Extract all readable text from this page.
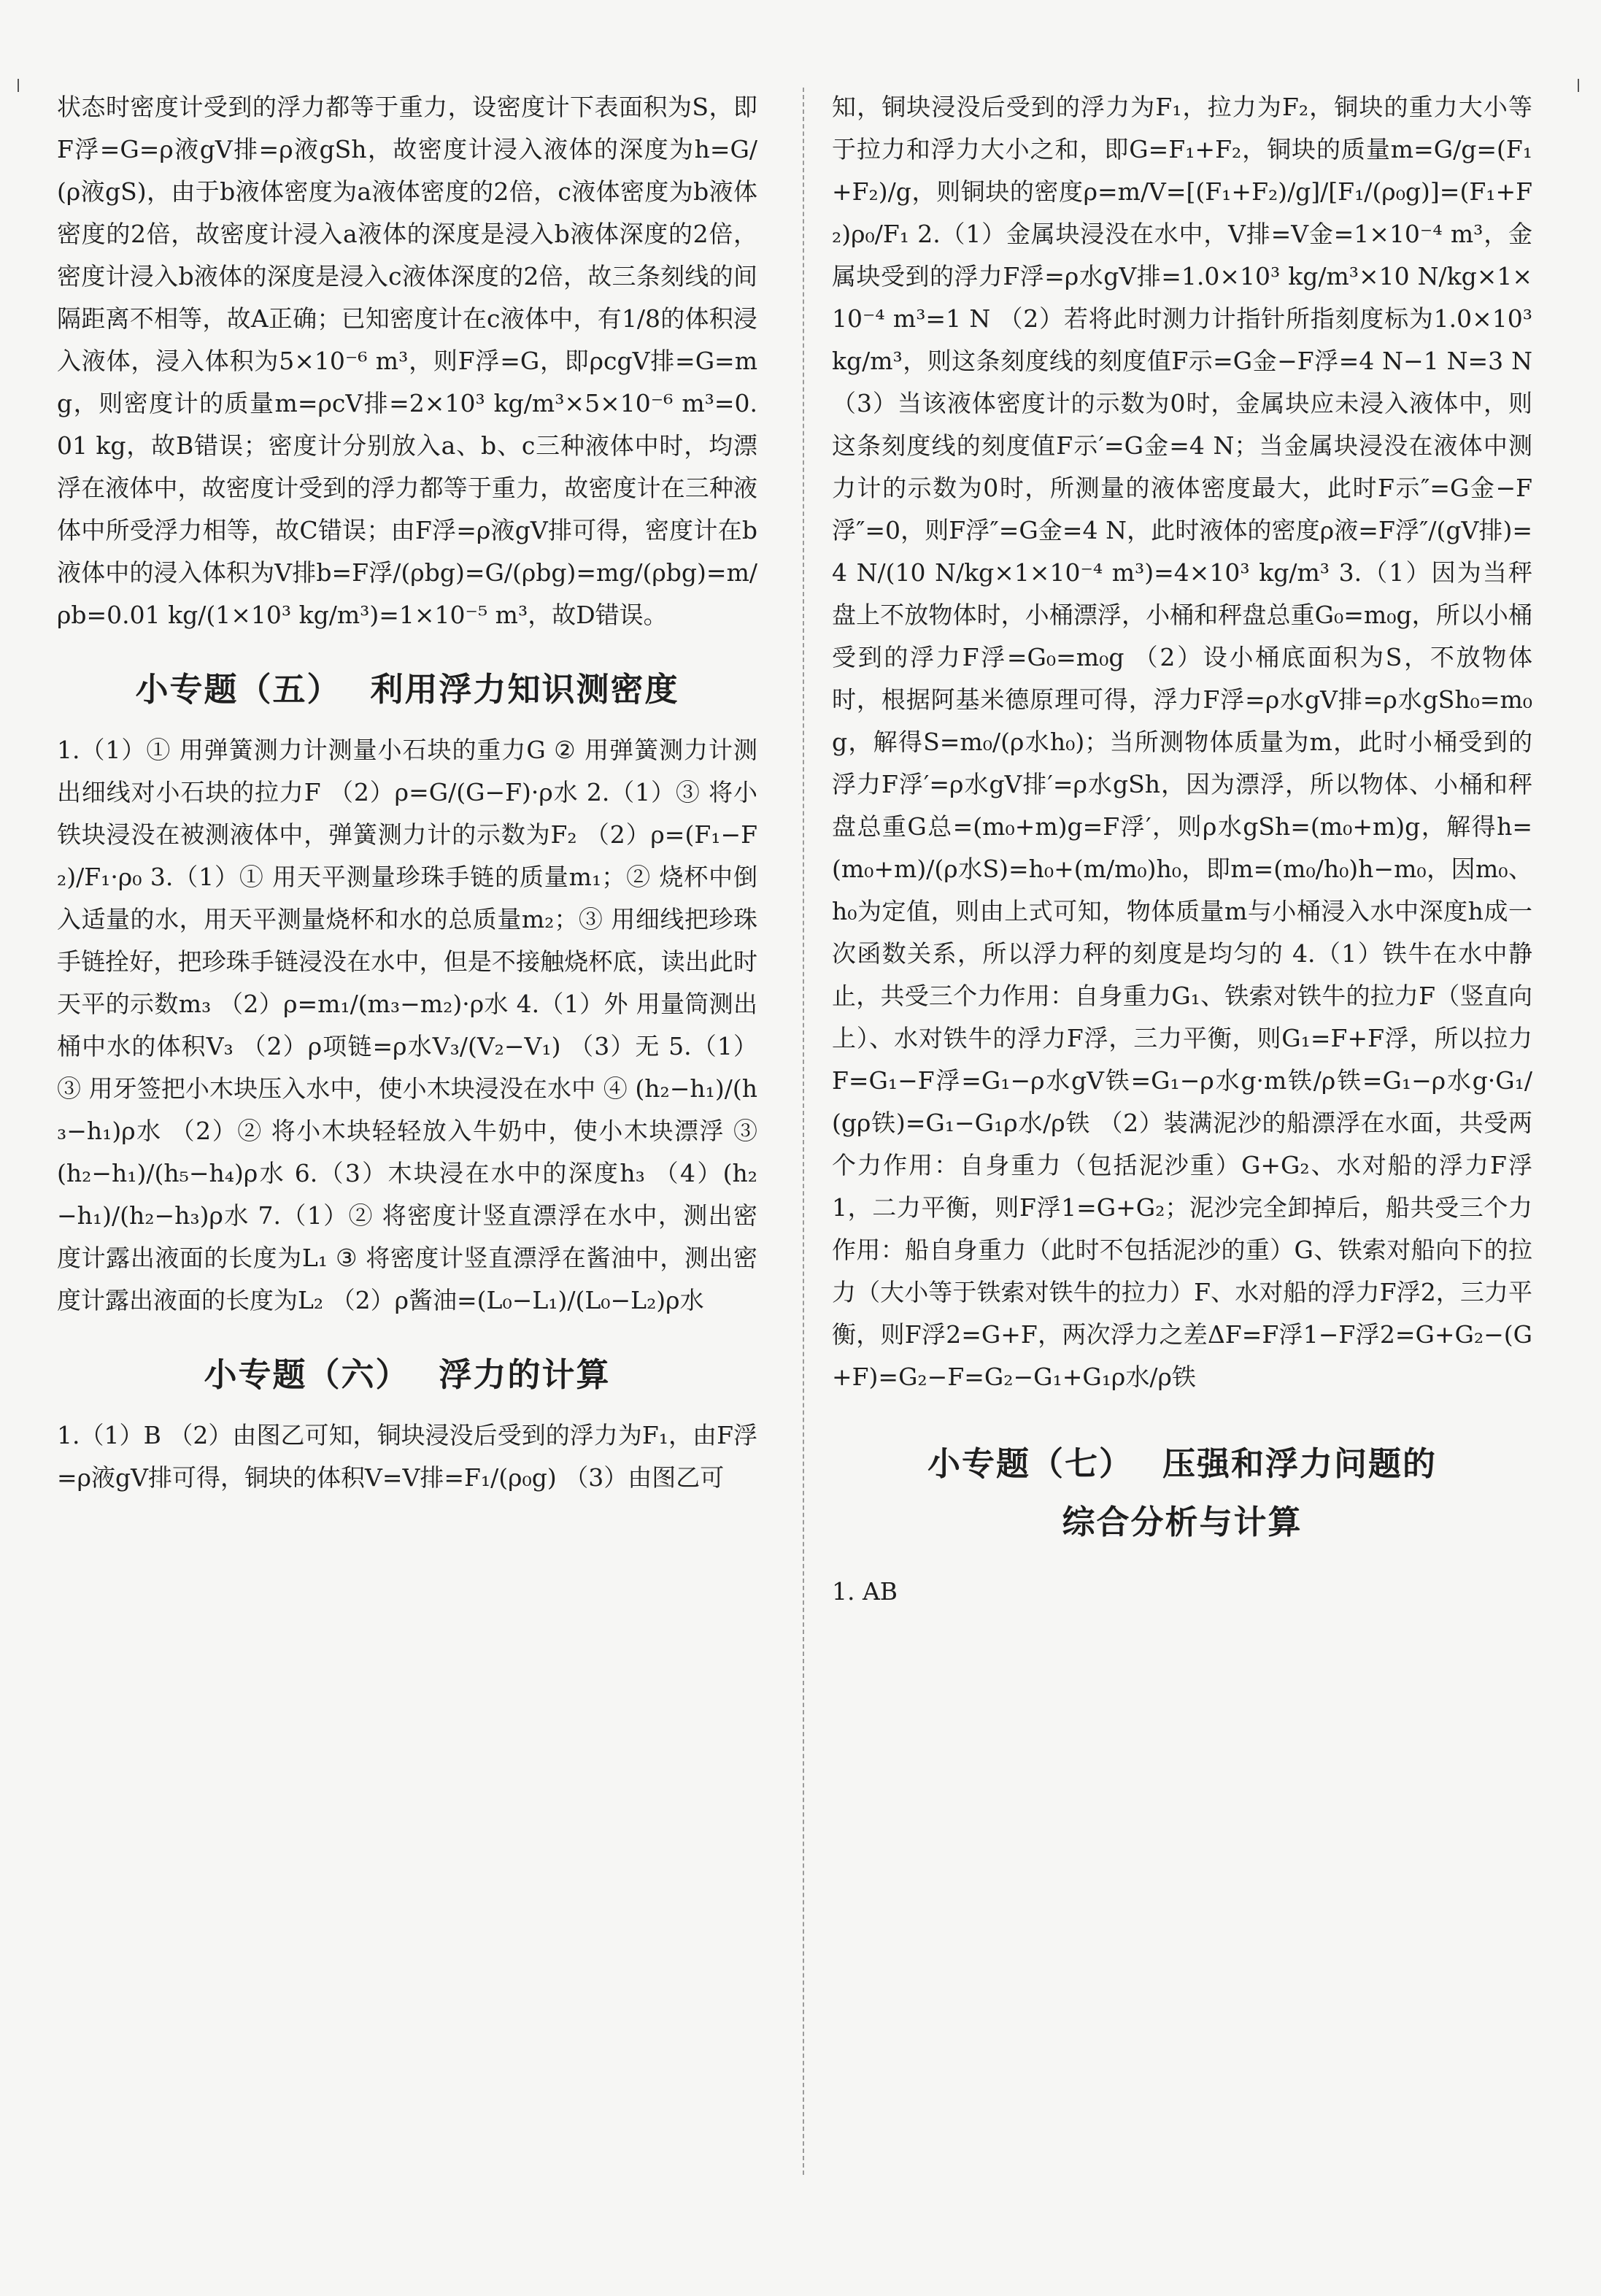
状态时密度计受到的浮力都等于重力，设密度计下表面积为S，即F浮=G=ρ液gV排=ρ液gSh，故密度计浸入液体的深度为h=G/(ρ液gS)，由于b液体密度为a液体密度的2倍，c液体密度为b液体密度的2倍，故密度计浸入a液体的深度是浸入b液体深度的2倍，密度计浸入b液体的深度是浸入c液体深度的2倍，故三条刻线的间隔距离不相等，故A正确；已知密度计在c液体中，有1/8的体积浸入液体，浸入体积为5×10⁻⁶ m³，则F浮=G，即ρcgV排=G=mg，则密度计的质量m=ρcV排=2×10³ kg/m³×5×10⁻⁶ m³=0.01 kg，故B错误；密度计分别放入a、b、c三种液体中时，均漂浮在液体中，故密度计受到的浮力都等于重力，故密度计在三种液体中所受浮力相等，故C错误；由F浮=ρ液gV排可得，密度计在b液体中的浸入体积为V排b=F浮/(ρbg)=G/(ρbg)=mg/(ρbg)=m/ρb=0.01 kg/(1×10³ kg/m³)=1×10⁻⁵ m³，故D错误。

小专题（五） 利用浮力知识测密度

1.（1）① 用弹簧测力计测量小石块的重力G ② 用弹簧测力计测出细线对小石块的拉力F （2）ρ=G/(G−F)·ρ水 2.（1）③ 将小铁块浸没在被测液体中，弹簧测力计的示数为F₂ （2）ρ=(F₁−F₂)/F₁·ρ₀ 3.（1）① 用天平测量珍珠手链的质量m₁；② 烧杯中倒入适量的水，用天平测量烧杯和水的总质量m₂；③ 用细线把珍珠手链拴好，把珍珠手链浸没在水中，但是不接触烧杯底，读出此时天平的示数m₃ （2）ρ=m₁/(m₃−m₂)·ρ水 4.（1）外 用量筒测出桶中水的体积V₃ （2）ρ项链=ρ水V₃/(V₂−V₁) （3）无 5.（1）③ 用牙签把小木块压入水中，使小木块浸没在水中 ④ (h₂−h₁)/(h₃−h₁)ρ水 （2）② 将小木块轻轻放入牛奶中，使小木块漂浮 ③ (h₂−h₁)/(h₅−h₄)ρ水 6.（3）木块浸在水中的深度h₃ （4）(h₂−h₁)/(h₂−h₃)ρ水 7.（1）② 将密度计竖直漂浮在水中，测出密度计露出液面的长度为L₁ ③ 将密度计竖直漂浮在酱油中，测出密度计露出液面的长度为L₂ （2）ρ酱油=(L₀−L₁)/(L₀−L₂)ρ水

小专题（六） 浮力的计算

1.（1）B （2）由图乙可知，铜块浸没后受到的浮力为F₁，由F浮=ρ液gV排可得，铜块的体积V=V排=F₁/(ρ₀g) （3）由图乙可

知，铜块浸没后受到的浮力为F₁，拉力为F₂，铜块的重力大小等于拉力和浮力大小之和，即G=F₁+F₂，铜块的质量m=G/g=(F₁+F₂)/g，则铜块的密度ρ=m/V=[(F₁+F₂)/g]/[F₁/(ρ₀g)]=(F₁+F₂)ρ₀/F₁ 2.（1）金属块浸没在水中，V排=V金=1×10⁻⁴ m³，金属块受到的浮力F浮=ρ水gV排=1.0×10³ kg/m³×10 N/kg×1×10⁻⁴ m³=1 N （2）若将此时测力计指针所指刻度标为1.0×10³ kg/m³，则这条刻度线的刻度值F示=G金−F浮=4 N−1 N=3 N （3）当该液体密度计的示数为0时，金属块应未浸入液体中，则这条刻度线的刻度值F示′=G金=4 N；当金属块浸没在液体中测力计的示数为0时，所测量的液体密度最大，此时F示″=G金−F浮″=0，则F浮″=G金=4 N，此时液体的密度ρ液=F浮″/(gV排)=4 N/(10 N/kg×1×10⁻⁴ m³)=4×10³ kg/m³ 3.（1）因为当秤盘上不放物体时，小桶漂浮，小桶和秤盘总重G₀=m₀g，所以小桶受到的浮力F浮=G₀=m₀g （2）设小桶底面积为S，不放物体时，根据阿基米德原理可得，浮力F浮=ρ水gV排=ρ水gSh₀=m₀g，解得S=m₀/(ρ水h₀)；当所测物体质量为m，此时小桶受到的浮力F浮′=ρ水gV排′=ρ水gSh，因为漂浮，所以物体、小桶和秤盘总重G总=(m₀+m)g=F浮′，则ρ水gSh=(m₀+m)g，解得h=(m₀+m)/(ρ水S)=h₀+(m/m₀)h₀，即m=(m₀/h₀)h−m₀，因m₀、h₀为定值，则由上式可知，物体质量m与小桶浸入水中深度h成一次函数关系，所以浮力秤的刻度是均匀的 4.（1）铁牛在水中静止，共受三个力作用：自身重力G₁、铁索对铁牛的拉力F（竖直向上）、水对铁牛的浮力F浮，三力平衡，则G₁=F+F浮，所以拉力F=G₁−F浮=G₁−ρ水gV铁=G₁−ρ水g·m铁/ρ铁=G₁−ρ水g·G₁/(gρ铁)=G₁−G₁ρ水/ρ铁 （2）装满泥沙的船漂浮在水面，共受两个力作用：自身重力（包括泥沙重）G+G₂、水对船的浮力F浮1，二力平衡，则F浮1=G+G₂；泥沙完全卸掉后，船共受三个力作用：船自身重力（此时不包括泥沙的重）G、铁索对船向下的拉力（大小等于铁索对铁牛的拉力）F、水对船的浮力F浮2，三力平衡，则F浮2=G+F，两次浮力之差ΔF=F浮1−F浮2=G+G₂−(G+F)=G₂−F=G₂−G₁+G₁ρ水/ρ铁

小专题（七） 压强和浮力问题的
综合分析与计算

1. AB
